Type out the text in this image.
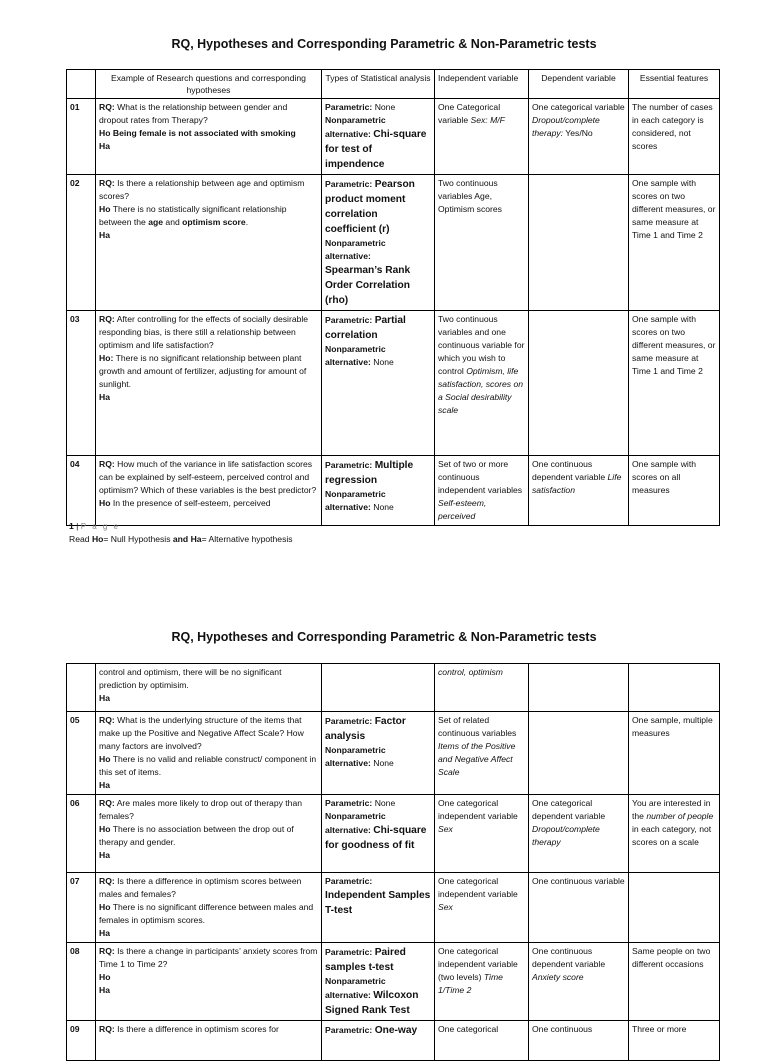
RQ, Hypotheses and Corresponding Parametric & Non-Parametric tests
	Example of Research questions and corresponding hypotheses	Types of Statistical analysis	Independent variable	Dependent variable	Essential features
01	RQ: What is the relationship between gender and dropout rates from Therapy?
Ho Being female is not associated with smoking
Ha	Parametric: None
Nonparametric alternative: Chi-square for test of impendence	One Categorical variable Sex: M/F	One categorical variable Dropout/complete therapy: Yes/No	The number of cases in each category is considered, not scores
02	RQ: Is there a relationship between age and optimism scores?
Ho There is no statistically significant relationship between the age and optimism score.
Ha	Parametric: Pearson product moment correlation coefficient (r)
Nonparametric alternative:
Spearman’s Rank Order Correlation (rho)	Two continuous variables Age, Optimism scores		One sample with scores on two different measures, or same measure at Time 1 and Time 2
03	RQ: After controlling for the effects of socially desirable responding bias, is there still a relationship between optimism and life satisfaction?
Ho: There is no significant relationship between plant growth and amount of fertilizer, adjusting for amount of sunlight.
Ha	Parametric: Partial correlation
Nonparametric alternative: None	Two continuous variables and one continuous variable for which you wish to control Optimism, life satisfaction, scores on a Social desirability scale		One sample with scores on two different measures, or same measure at Time 1 and Time 2
04	RQ: How much of the variance in life satisfaction scores can be explained by self-esteem, perceived control and optimism? Which of these variables is the best predictor?
Ho In the presence of self-esteem, perceived	Parametric: Multiple regression
Nonparametric alternative: None	Set of two or more continuous independent variables Self-esteem, perceived	One continuous dependent variable Life satisfaction	One sample with scores on all measures
1 | P a g e
Read Ho= Null Hypothesis and Ha= Alternative hypothesis
RQ, Hypotheses and Corresponding Parametric & Non-Parametric tests
	control and optimism, there will be no significant prediction by optimisim.
Ha		control, optimism		
05	RQ: What is the underlying structure of the items that make up the Positive and Negative Affect Scale? How many factors are involved?
Ho There is no valid and reliable construct/ component in this set of items.
Ha	Parametric: Factor analysis
Nonparametric alternative: None	Set of related continuous variables Items of the Positive and Negative Affect Scale		One sample, multiple measures
06	RQ: Are males more likely to drop out of therapy than females?
Ho There is no association between the drop out of therapy and gender.
Ha	Parametric: None
Nonparametric alternative: Chi-square for goodness of fit	One categorical independent variable Sex	One categorical dependent variable Dropout/complete therapy	You are interested in the number of people in each category, not scores on a scale
07	RQ: Is there a difference in optimism scores between males and females?
Ho There is no significant difference between males and females in optimism scores.
Ha	Parametric:
Independent Samples T-test	One categorical independent variable Sex	One continuous variable	
08	RQ: Is there a change in participants’ anxiety scores from Time 1 to Time 2?
Ho
Ha	Parametric: Paired samples t-test
Nonparametric alternative: Wilcoxon Signed Rank Test	One categorical independent variable (two levels) Time 1/Time 2	One continuous dependent variable Anxiety score	Same people on two different occasions
09	RQ: Is there a difference in optimism scores for	Parametric: One-way	One categorical	One continuous	Three or more
